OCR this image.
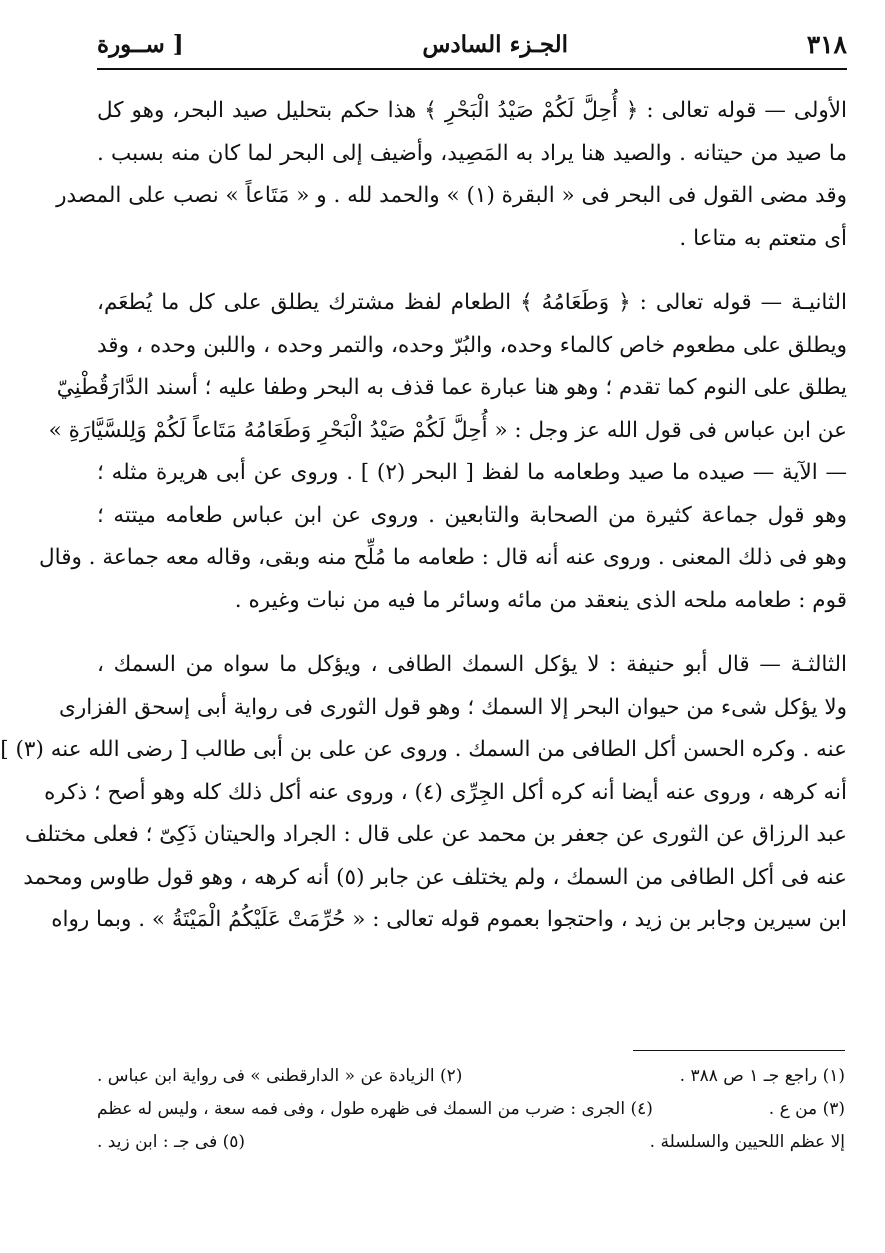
٣١٨
الجـزء السادس
[ ســورة
الأولى — قوله تعالى : ﴿ أُحِلَّ لَكُمْ صَيْدُ الْبَحْرِ ﴾ هذا حكم بتحليل صيد البحر، وهو كل
ما صيد من حيتانه . والصيد هنا يراد به المَصِيد، وأضيف إلى البحر لما كان منه بسبب .
وقد مضى القول فى البحر فى « البقرة (١) » والحمد لله . و « مَتَاعاً » نصب على المصدر
أى متعتم به متاعا .
الثانيـة — قوله تعالى : ﴿ وَطَعَامُهُ ﴾ الطعام لفظ مشترك يطلق على كل ما يُطعَم،
ويطلق على مطعوم خاص كالماء وحده، والبُرّ وحده، والتمر وحده ، واللبن وحده ، وقد
يطلق على النوم كما تقدم ؛ وهو هنا عبارة عما قذف به البحر وطفا عليه ؛ أسند الدَّارَقُطْنِيّ
عن ابن عباس فى قول الله عز وجل : « أُحِلَّ لَكُمْ صَيْدُ الْبَحْرِ وَطَعَامُهُ مَتَاعاً لَكُمْ وَلِلسَّيَّارَةِ »
— الآية — صيده ما صيد وطعامه ما لفظ [ البحر (٢) ] . وروى عن أبى هريرة مثله ؛
وهو قول جماعة كثيرة من الصحابة والتابعين . وروى عن ابن عباس طعامه ميتته ؛
وهو فى ذلك المعنى . وروى عنه أنه قال : طعامه ما مُلِّح منه وبقى، وقاله معه جماعة . وقال
قوم : طعامه ملحه الذى ينعقد من مائه وسائر ما فيه من نبات وغيره .
الثالثـة — قال أبو حنيفة : لا يؤكل السمك الطافى ، ويؤكل ما سواه من السمك ،
ولا يؤكل شىء من حيوان البحر إلا السمك ؛ وهو قول الثورى فى رواية أبى إسحق الفزارى
عنه . وكره الحسن أكل الطافى من السمك . وروى عن على بن أبى طالب [ رضى الله عنه (٣) ]
أنه كرهه ، وروى عنه أيضا أنه كره أكل الجِرِّى (٤) ، وروى عنه أكل ذلك كله وهو أصح ؛ ذكره
عبد الرزاق عن الثورى عن جعفر بن محمد عن على قال : الجراد والحيتان ذَكِىّ ؛ فعلى مختلف
عنه فى أكل الطافى من السمك ، ولم يختلف عن جابر (٥) أنه كرهه ، وهو قول طاوس ومحمد
ابن سيرين وجابر بن زيد ، واحتجوا بعموم قوله تعالى : « حُرِّمَتْ عَلَيْكُمُ الْمَيْتَةُ » . وبما رواه
(١) راجع جـ ١ ص ٣٨٨ .
(٢) الزيادة عن « الدارقطنى » فى رواية ابن عباس .
(٣) من ع .
(٤) الجرى : ضرب من السمك فى ظهره طول ، وفى فمه سعة ، وليس له عظم
إلا عظم اللحيين والسلسلة .
(٥) فى جـ : ابن زيد .
